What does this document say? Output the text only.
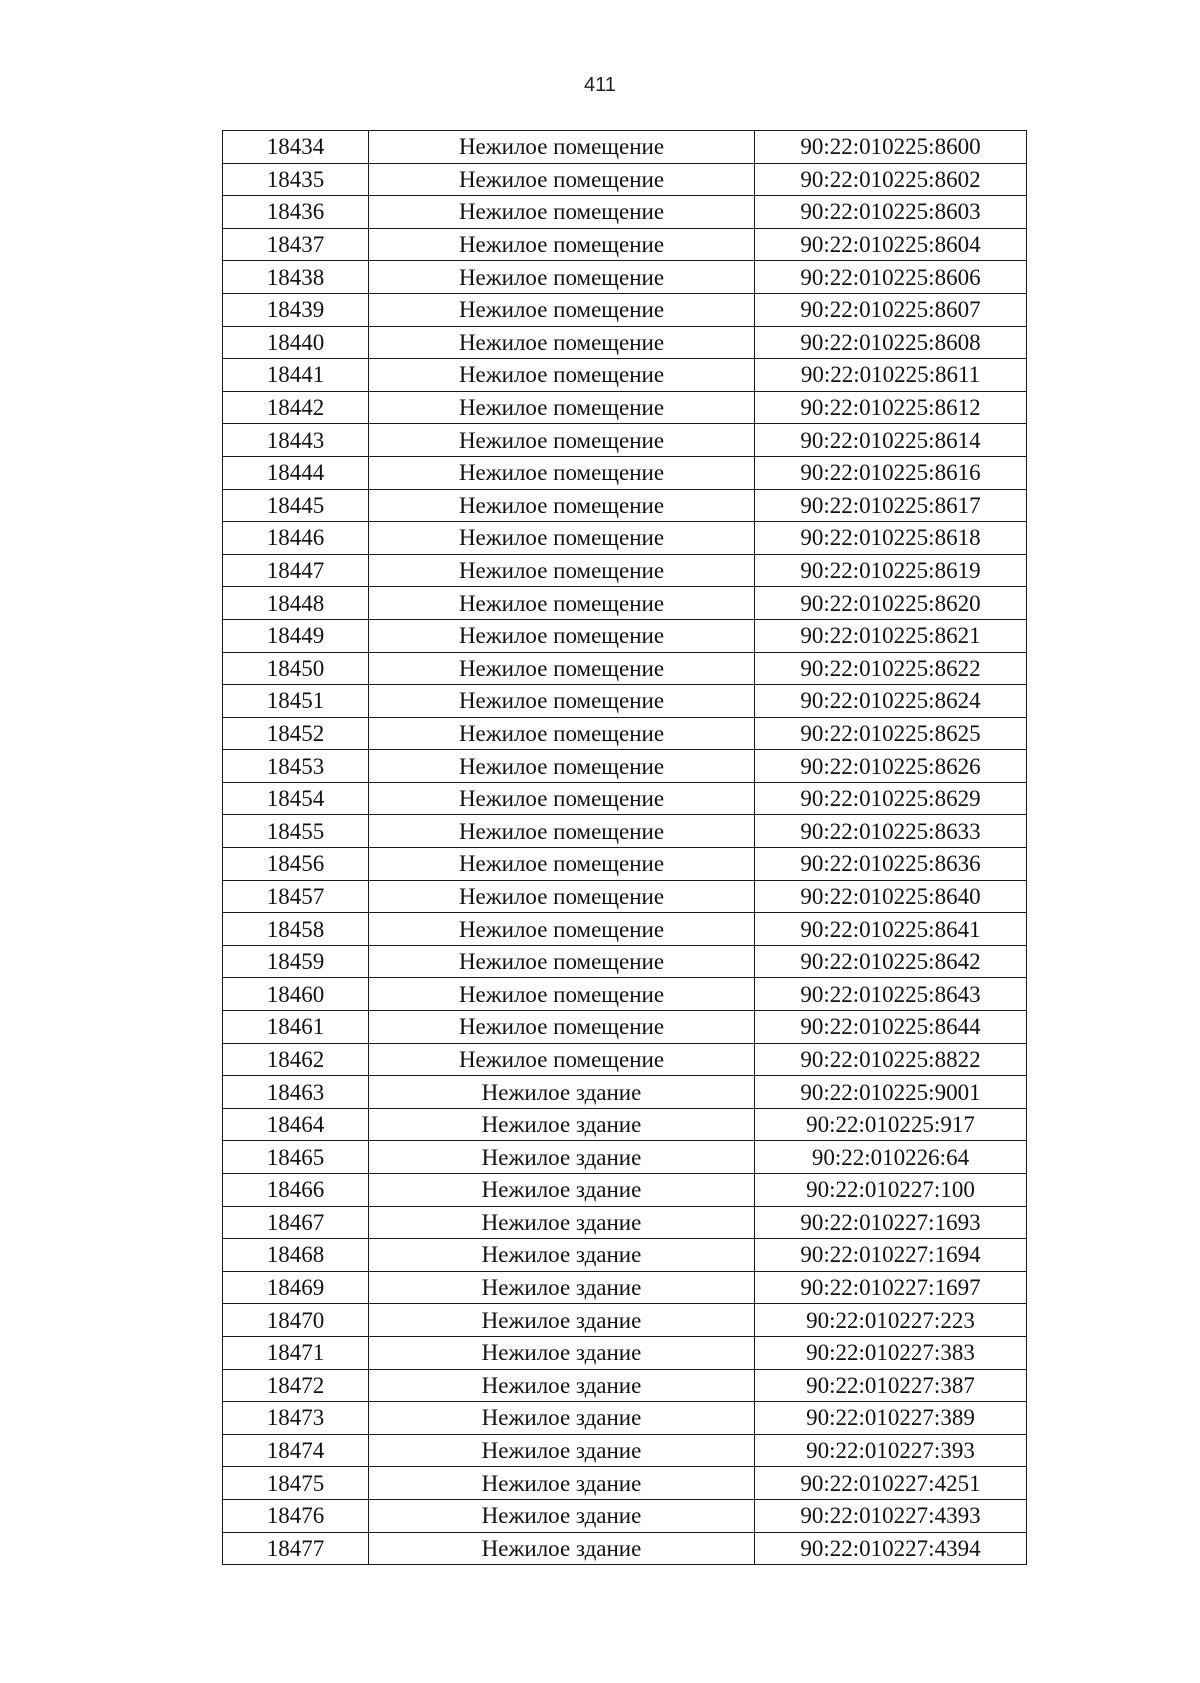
411
18434	Нежилое помещение	90:22:010225:8600
18435	Нежилое помещение	90:22:010225:8602
18436	Нежилое помещение	90:22:010225:8603
18437	Нежилое помещение	90:22:010225:8604
18438	Нежилое помещение	90:22:010225:8606
18439	Нежилое помещение	90:22:010225:8607
18440	Нежилое помещение	90:22:010225:8608
18441	Нежилое помещение	90:22:010225:8611
18442	Нежилое помещение	90:22:010225:8612
18443	Нежилое помещение	90:22:010225:8614
18444	Нежилое помещение	90:22:010225:8616
18445	Нежилое помещение	90:22:010225:8617
18446	Нежилое помещение	90:22:010225:8618
18447	Нежилое помещение	90:22:010225:8619
18448	Нежилое помещение	90:22:010225:8620
18449	Нежилое помещение	90:22:010225:8621
18450	Нежилое помещение	90:22:010225:8622
18451	Нежилое помещение	90:22:010225:8624
18452	Нежилое помещение	90:22:010225:8625
18453	Нежилое помещение	90:22:010225:8626
18454	Нежилое помещение	90:22:010225:8629
18455	Нежилое помещение	90:22:010225:8633
18456	Нежилое помещение	90:22:010225:8636
18457	Нежилое помещение	90:22:010225:8640
18458	Нежилое помещение	90:22:010225:8641
18459	Нежилое помещение	90:22:010225:8642
18460	Нежилое помещение	90:22:010225:8643
18461	Нежилое помещение	90:22:010225:8644
18462	Нежилое помещение	90:22:010225:8822
18463	Нежилое здание	90:22:010225:9001
18464	Нежилое здание	90:22:010225:917
18465	Нежилое здание	90:22:010226:64
18466	Нежилое здание	90:22:010227:100
18467	Нежилое здание	90:22:010227:1693
18468	Нежилое здание	90:22:010227:1694
18469	Нежилое здание	90:22:010227:1697
18470	Нежилое здание	90:22:010227:223
18471	Нежилое здание	90:22:010227:383
18472	Нежилое здание	90:22:010227:387
18473	Нежилое здание	90:22:010227:389
18474	Нежилое здание	90:22:010227:393
18475	Нежилое здание	90:22:010227:4251
18476	Нежилое здание	90:22:010227:4393
18477	Нежилое здание	90:22:010227:4394
